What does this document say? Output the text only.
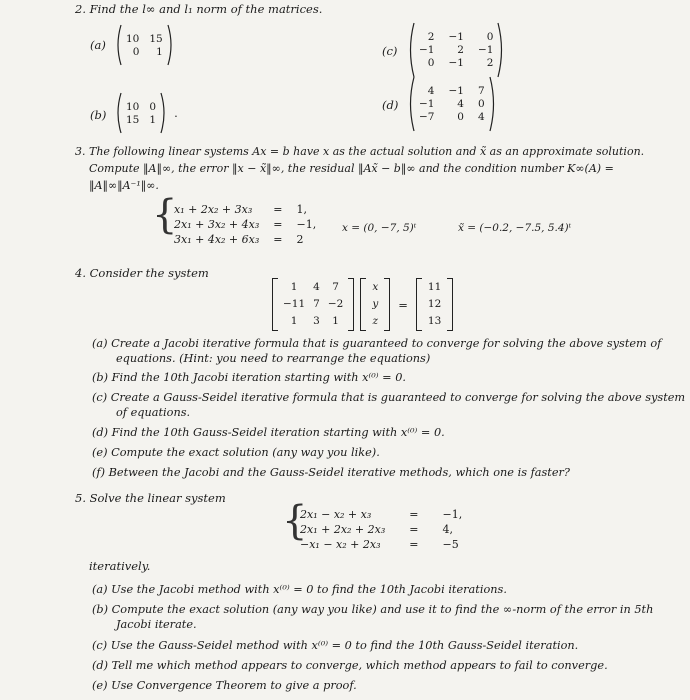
2. Find the l∞ and l₁ norm of the matrices.
(a) 10 15
0	1
(b)
10 0
15 1 .
(c)
2 −1	0
−1	2 −1
0 −1	2
(d)
4 −1 7
−1	4 0
−7	0 4
3. The following linear systems Ax = b have x as the actual solution and x̃ as an approximate solution.
Compute ‖A‖∞, the error ‖x − x̃‖∞, the residual ‖Ax̃ − b‖∞ and the condition number K∞(A) =
‖A‖∞‖A⁻¹‖∞.
{
x₁ + 2x₂ + 3x₃	=	1,
2x₁ + 3x₂ + 4x₃	=	−1,
3x₁ + 4x₂ + 6x₃	=	2
x = (0, −7, 5)ᵗ	x̃ = (−0.2, −7.5, 5.4)ᵗ
4. Consider the system
1	4	7
−11	7	−2
1	3	1
x
y
z
=
11
12
13
(a) Create a Jacobi iterative formula that is guaranteed to converge for solving the above system of
equations. (Hint: you need to rearrange the equations)
(b) Find the 10th Jacobi iteration starting with x⁽⁰⁾ = 0.
(c) Create a Gauss-Seidel iterative formula that is guaranteed to converge for solving the above system
of equations.
(d) Find the 10th Gauss-Seidel iteration starting with x⁽⁰⁾ = 0.
(e) Compute the exact solution (any way you like).
(f) Between the Jacobi and the Gauss-Seidel iterative methods, which one is faster?
5. Solve the linear system {
2x₁ − x₂ + x₃	=	−1,
2x₁ + 2x₂ + 2x₃	=	4,
−x₁ − x₂ + 2x₃	=	−5
iteratively.
(a) Use the Jacobi method with x⁽⁰⁾ = 0 to find the 10th Jacobi iterations.
(b) Compute the exact solution (any way you like) and use it to find the ∞-norm of the error in 5th
Jacobi iterate.
(c) Use the Gauss-Seidel method with x⁽⁰⁾ = 0 to find the 10th Gauss-Seidel iteration.
(d) Tell me which method appears to converge, which method appears to fail to converge.
(e) Use Convergence Theorem to give a proof.
